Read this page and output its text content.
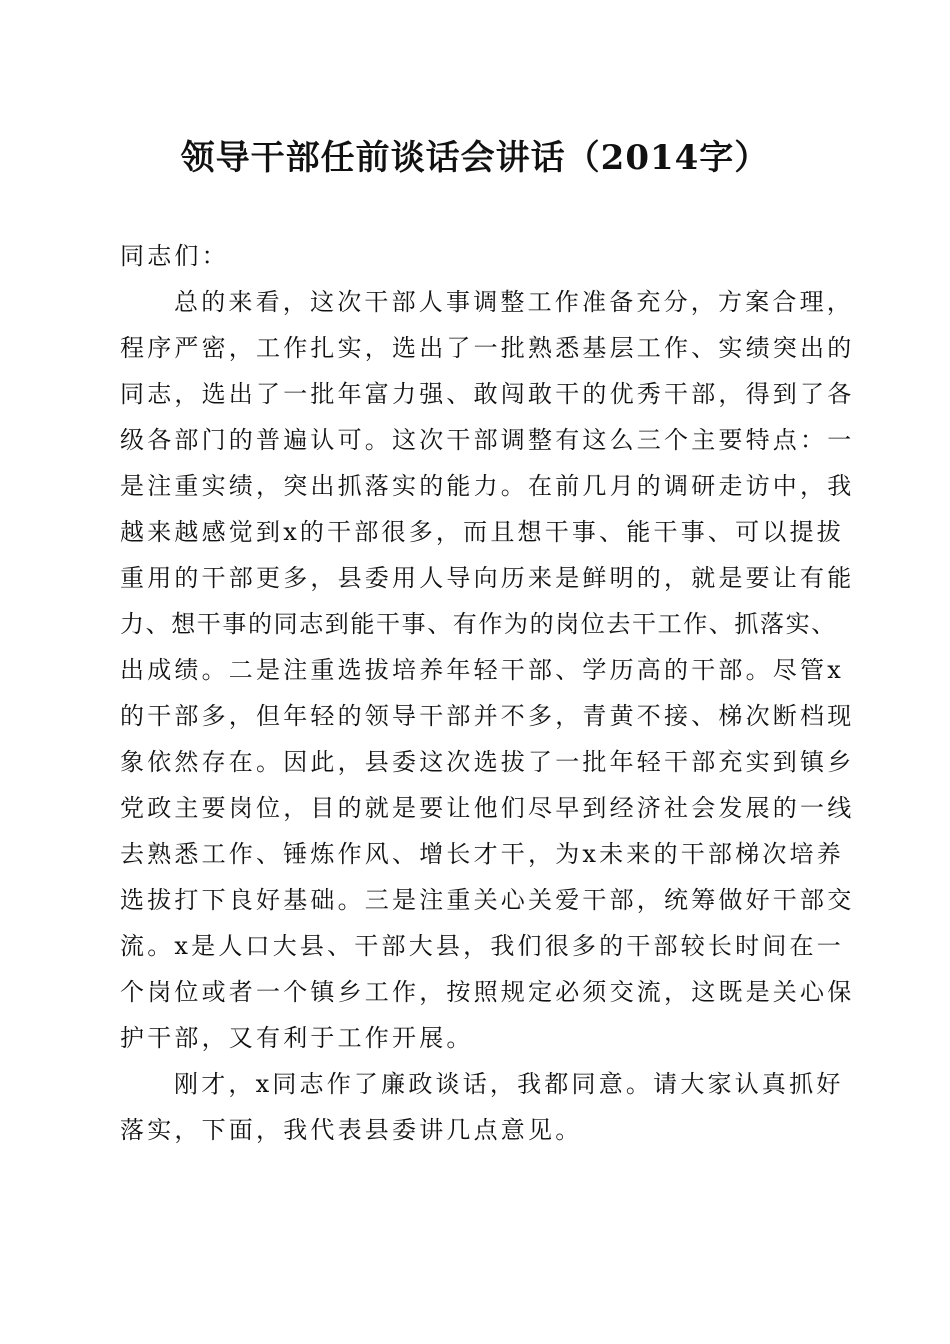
领导干部任前谈话会讲话（2014字）

同志们：

总的来看，这次干部人事调整工作准备充分，方案合理，
程序严密，工作扎实，选出了一批熟悉基层工作、实绩突出的
同志，选出了一批年富力强、敢闯敢干的优秀干部，得到了各
级各部门的普遍认可。这次干部调整有这么三个主要特点：一
是注重实绩，突出抓落实的能力。在前几月的调研走访中，我
越来越感觉到x的干部很多，而且想干事、能干事、可以提拔
重用的干部更多，县委用人导向历来是鲜明的，就是要让有能
力、想干事的同志到能干事、有作为的岗位去干工作、抓落实、
出成绩。二是注重选拔培养年轻干部、学历高的干部。尽管x
的干部多，但年轻的领导干部并不多，青黄不接、梯次断档现
象依然存在。因此，县委这次选拔了一批年轻干部充实到镇乡
党政主要岗位，目的就是要让他们尽早到经济社会发展的一线
去熟悉工作、锤炼作风、增长才干，为x未来的干部梯次培养
选拔打下良好基础。三是注重关心关爱干部，统筹做好干部交
流。x是人口大县、干部大县，我们很多的干部较长时间在一
个岗位或者一个镇乡工作，按照规定必须交流，这既是关心保
护干部，又有利于工作开展。

刚才，x同志作了廉政谈话，我都同意。请大家认真抓好
落实，下面，我代表县委讲几点意见。
